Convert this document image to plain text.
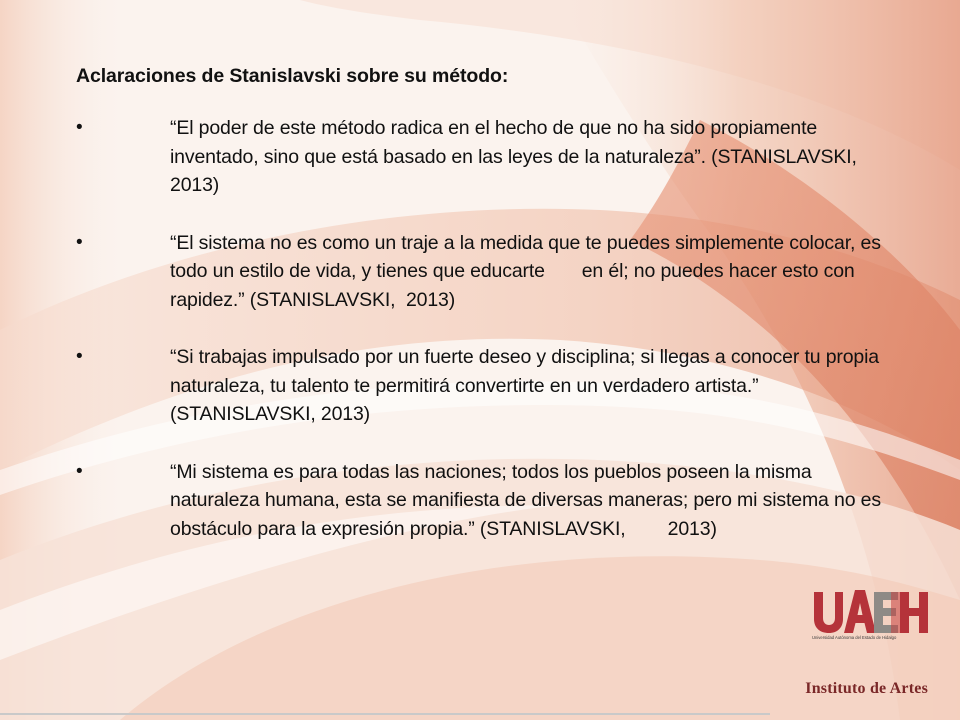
Aclaraciones de Stanislavski sobre su método:
•	“El poder de este método radica en el hecho de que no ha sido propiamente inventado, sino que está basado en las leyes de la naturaleza”. (STANISLAVSKI, 2013)
•	“El sistema no es como un traje a la medida que te puedes simplemente colocar, es todo un estilo de vida, y tienes que educarte       en él; no puedes hacer esto con rapidez.” (STANISLAVSKI,  2013)
•	“Si trabajas impulsado por un fuerte deseo y disciplina; si llegas a conocer tu propia naturaleza, tu talento te permitirá convertirte en un verdadero artista.” (STANISLAVSKI, 2013)
•	“Mi sistema es para todas las naciones; todos los pueblos poseen la misma naturaleza humana, esta se manifiesta de diversas maneras; pero mi sistema no es obstáculo para la expresión propia.” (STANISLAVSKI,        2013)
Universidad Autónoma del Estado de Hidalgo
Instituto de Artes
